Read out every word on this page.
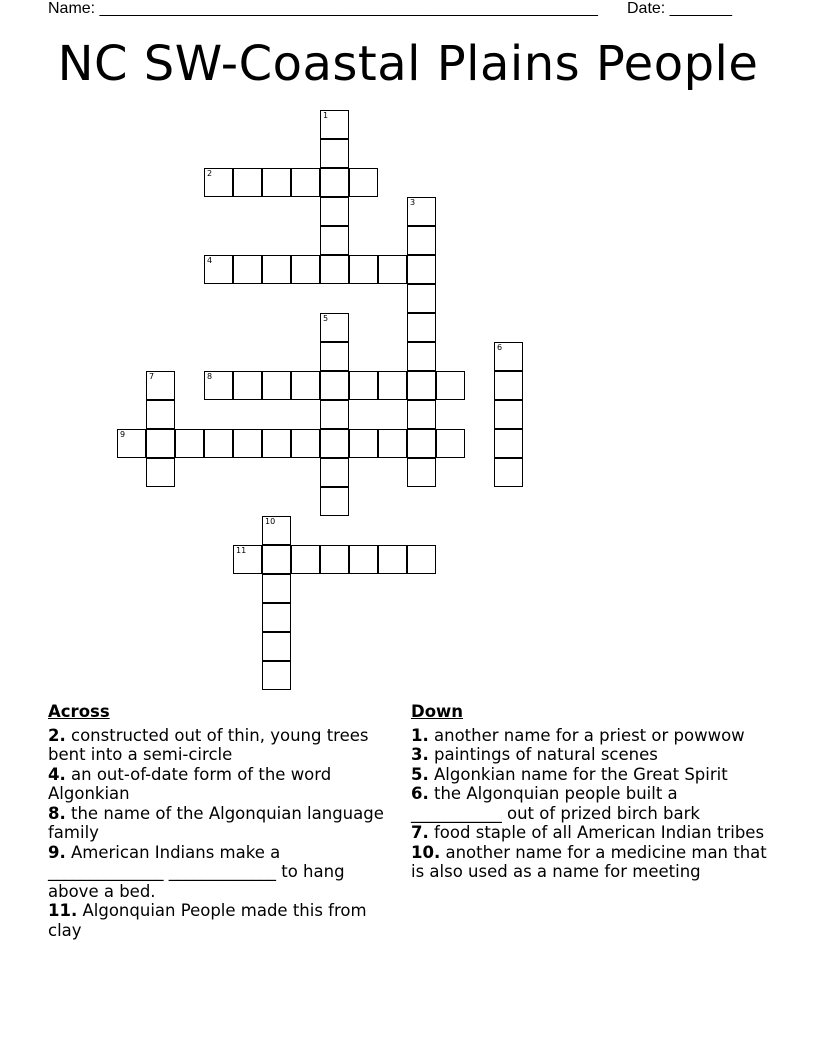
Name: ________________________________________________________ Date: _______
NC SW-Coastal Plains People
1
2
3
4
5
6
7	8
9
10
11
Across

2. constructed out of thin, young trees bent into a semi-circle

4. an out-of-date form of the word Algonkian

8. the name of the Algonquian language family

9. American Indians make a ______________ _____________ to hang above a bed.

11. Algonquian People made this from clay

Down

1. another name for a priest or powwow

3. paintings of natural scenes

5. Algonkian name for the Great Spirit

6. the Algonquian people built a ___________ out of prized birch bark

7. food staple of all American Indian tribes

10. another name for a medicine man that is also used as a name for meeting
